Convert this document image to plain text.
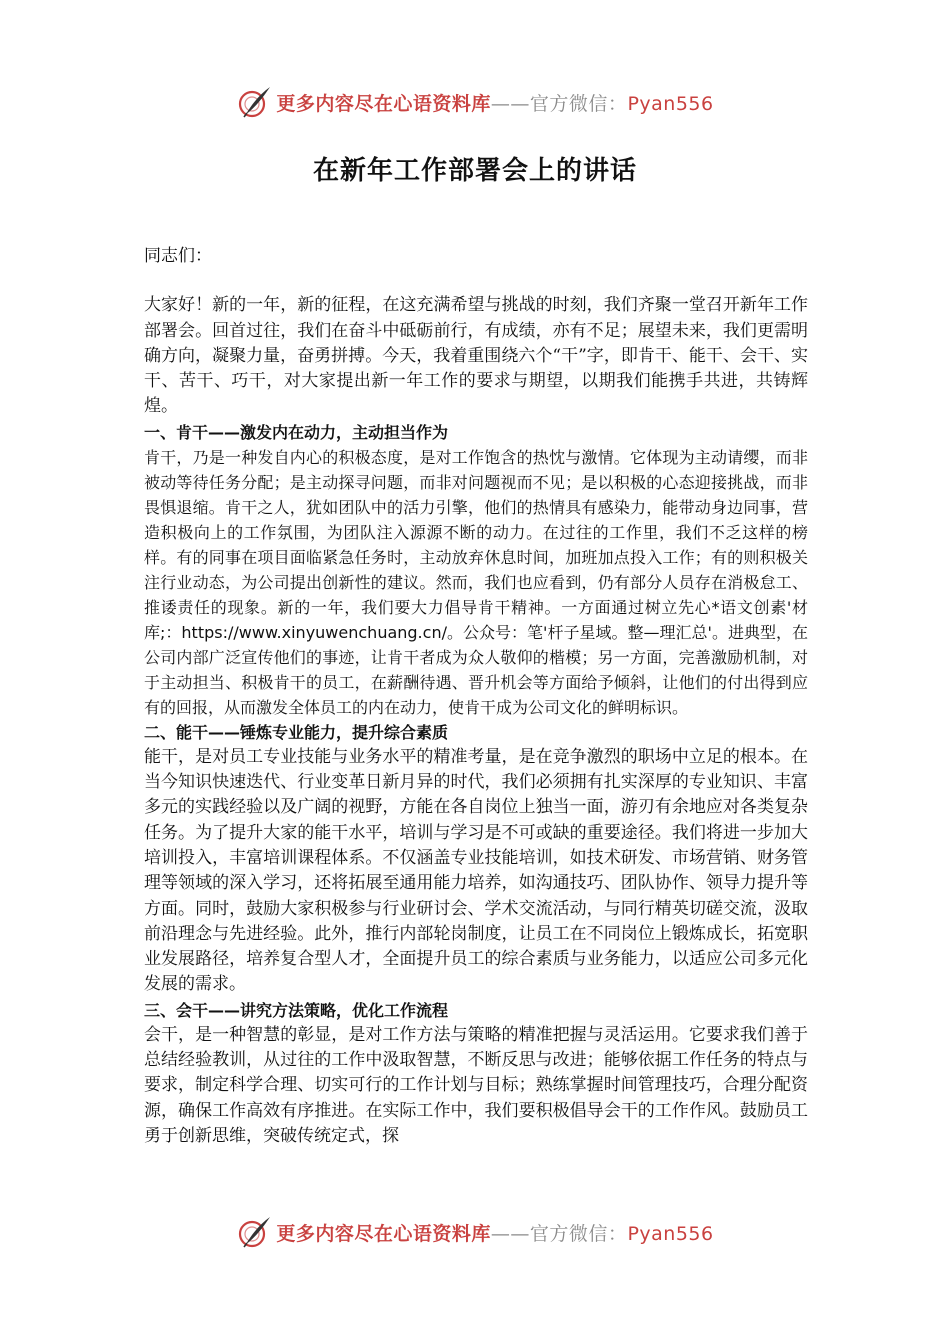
更多内容尽在心语资料库——官方微信：Pyan556
在新年工作部署会上的讲话

同志们：

大家好！新的一年，新的征程，在这充满希望与挑战的时刻，我们齐聚一堂召开新年工作部署会。回首过往，我们在奋斗中砥砺前行，有成绩，亦有不足；展望未来，我们更需明确方向，凝聚力量，奋勇拼搏。今天，我着重围绕六个“干”字，即肯干、能干、会干、实干、苦干、巧干，对大家提出新一年工作的要求与期望，以期我们能携手共进，共铸辉煌。

一、肯干——激发内在动力，主动担当作为

肯干，乃是一种发自内心的积极态度，是对工作饱含的热忱与激情。它体现为主动请缨，而非被动等待任务分配；是主动探寻问题，而非对问题视而不见；是以积极的心态迎接挑战，而非畏惧退缩。肯干之人，犹如团队中的活力引擎，他们的热情具有感染力，能带动身边同事，营造积极向上的工作氛围，为团队注入源源不断的动力。在过往的工作里，我们不乏这样的榜样。有的同事在项目面临紧急任务时，主动放弃休息时间，加班加点投入工作；有的则积极关注行业动态，为公司提出创新性的建议。然而，我们也应看到，仍有部分人员存在消极怠工、推诿责任的现象。新的一年，我们要大力倡导肯干精神。一方面通过树立先心*语文创素'材库;：https://www.xinyuwenchuang.cn/。公众号：笔'杆子星域。整—理汇总'。进典型，在公司内部广泛宣传他们的事迹，让肯干者成为众人敬仰的楷模；另一方面，完善激励机制，对于主动担当、积极肯干的员工，在薪酬待遇、晋升机会等方面给予倾斜，让他们的付出得到应有的回报，从而激发全体员工的内在动力，使肯干成为公司文化的鲜明标识。

二、能干——锤炼专业能力，提升综合素质

能干，是对员工专业技能与业务水平的精准考量，是在竞争激烈的职场中立足的根本。在当今知识快速迭代、行业变革日新月异的时代，我们必须拥有扎实深厚的专业知识、丰富多元的实践经验以及广阔的视野，方能在各自岗位上独当一面，游刃有余地应对各类复杂任务。为了提升大家的能干水平，培训与学习是不可或缺的重要途径。我们将进一步加大培训投入，丰富培训课程体系。不仅涵盖专业技能培训，如技术研发、市场营销、财务管理等领域的深入学习，还将拓展至通用能力培养，如沟通技巧、团队协作、领导力提升等方面。同时，鼓励大家积极参与行业研讨会、学术交流活动，与同行精英切磋交流，汲取前沿理念与先进经验。此外，推行内部轮岗制度，让员工在不同岗位上锻炼成长，拓宽职业发展路径，培养复合型人才，全面提升员工的综合素质与业务能力，以适应公司多元化发展的需求。

三、会干——讲究方法策略，优化工作流程

会干，是一种智慧的彰显，是对工作方法与策略的精准把握与灵活运用。它要求我们善于总结经验教训，从过往的工作中汲取智慧，不断反思与改进；能够依据工作任务的特点与要求，制定科学合理、切实可行的工作计划与目标；熟练掌握时间管理技巧，合理分配资源，确保工作高效有序推进。在实际工作中，我们要积极倡导会干的工作作风。鼓励员工勇于创新思维，突破传统定式，探

更多内容尽在心语资料库——官方微信：Pyan556
